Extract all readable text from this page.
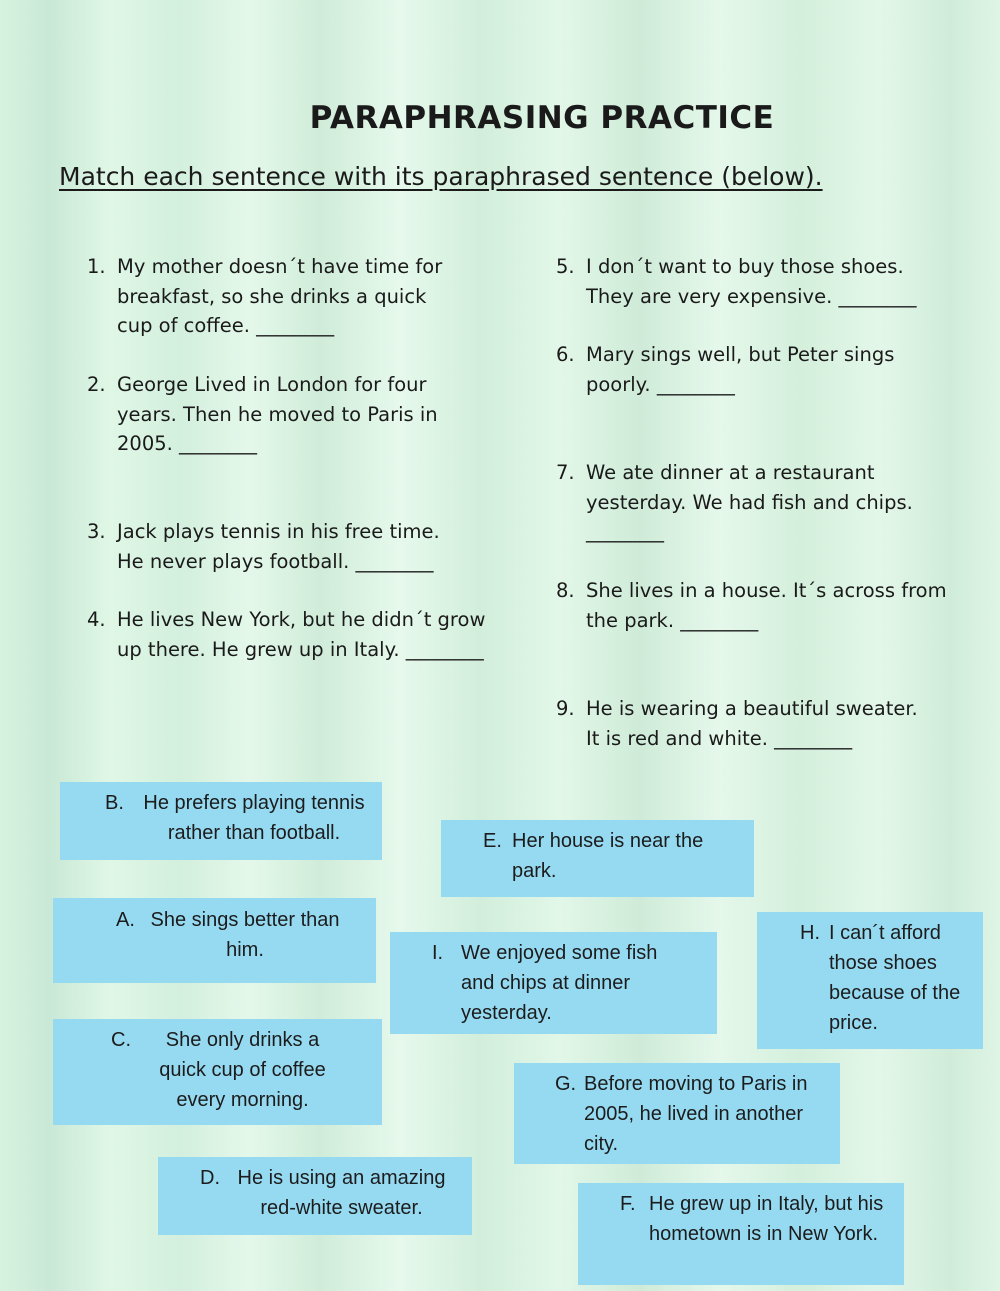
PARAPHRASING PRACTICE
Match each sentence with its paraphrased sentence (below).
1. My mother doesn´t have time for breakfast, so she drinks a quick cup of coffee. ________
2. George Lived in London for four years. Then he moved to Paris in 2005. ________
3. Jack plays tennis in his free time. He never plays football. ________
4. He lives New York, but he didn´t grow up there. He grew up in Italy. ________
5. I don´t want to buy those shoes. They are very expensive. ________
6. Mary sings well, but Peter sings poorly. ________
7. We ate dinner at a restaurant yesterday. We had fish and chips. ________
8. She lives in a house. It´s across from the park. ________
9. He is wearing a beautiful sweater. It is red and white. ________
B. He prefers playing tennis rather than football.	E. Her house is near the park.
A. She sings better than him.	I. We enjoyed some fish and chips at dinner yesterday.
H. I can´t afford those shoes because of the price.
C.	She only drinks a quick cup of coffee every morning.
G. Before moving to Paris in 2005, he lived in another city.
D. He is using an amazing red-white sweater.	F. He grew up in Italy, but his hometown is in New York.
